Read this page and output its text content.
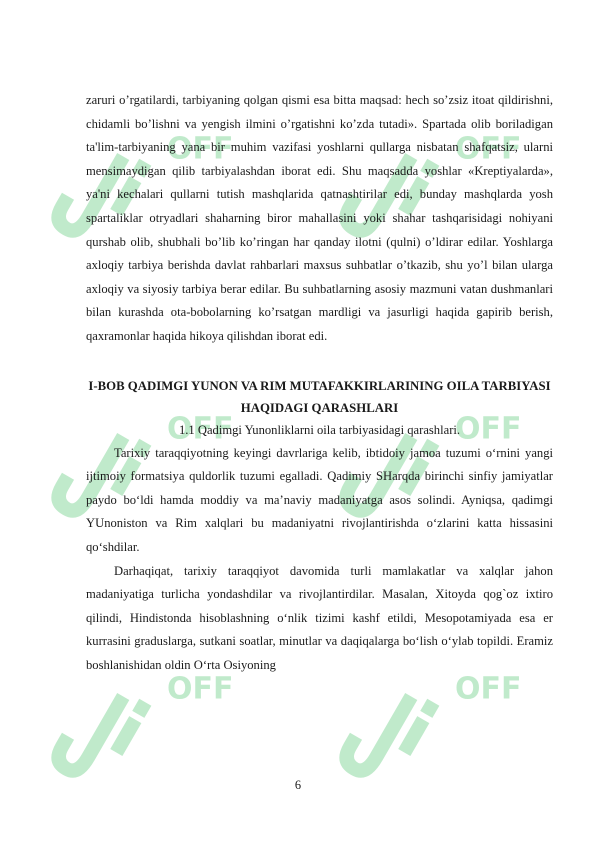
zaruri o’rgatilardi, tarbiyaning qolgan qismi esa bitta maqsad: hech so’zsiz itoat qildirishni, chidamli bo’lishni va yengish ilmini o’rgatishni ko’zda tutadi». Spartada olib boriladigan ta'lim-tarbiyaning yana bir muhim vazifasi yoshlarni qullarga nisbatan shafqatsiz, ularni mensimaydigan qilib tarbiyalashdan iborat edi. Shu maqsadda yoshlar «Kreptiyalarda», ya'ni kechalari qullarni tutish mashqlarida qatnashtirilar edi, bunday mashqlarda yosh spartaliklar otryadlari shaharning biror mahallasini yoki shahar tashqarisidagi nohiyani qurshab olib, shubhali bo’lib ko’ringan har qanday ilotni (qulni) o’ldirar edilar. Yoshlarga axloqiy tarbiya berishda davlat rahbarlari maxsus suhbatlar o’tkazib, shu yo’l bilan ularga axloqiy va siyosiy tarbiya berar edilar. Bu suhbatlarning asosiy mazmuni vatan dushmanlari bilan kurashda ota-bobolarning ko’rsatgan mardligi va jasurligi haqida gapirib berish, qaxramonlar haqida hikoya qilishdan iborat edi.

I-BOB QADIMGI YUNON VA RIM MUTAFAKKIRLARINING OILA TARBIYASI HAQIDAGI QARASHLARI
1.1 Qadimgi Yunonliklarni oila tarbiyasidagi qarashlari.

Tarixiy taraqqiyotning keyingi davrlariga kelib, ibtidoiy jamoa tuzumi o‘rnini yangi ijtimoiy formatsiya quldorlik tuzumi egalladi. Qadimiy SHarqda birinchi sinfiy jamiyatlar paydo bo‘ldi hamda moddiy va ma’naviy madaniyatga asos solindi. Ayniqsa, qadimgi YUnoniston va Rim xalqlari bu madaniyatni rivojlantirishda o‘zlarini katta hissasini qo‘shdilar.

Darhaqiqat, tarixiy taraqqiyot davomida turli mamlakatlar va xalqlar jahon madaniyatiga turlicha yondashdilar va rivojlantirdilar. Masalan, Xitoyda qog`oz ixtiro qilindi, Hindistonda hisoblashning o‘nlik tizimi kashf etildi, Mesopotamiyada esa er kurrasini graduslarga, sutkani soatlar, minutlar va daqiqalarga bo‘lish o‘ylab topildi. Eramiz boshlanishidan oldin O‘rta Osiyoning

6
